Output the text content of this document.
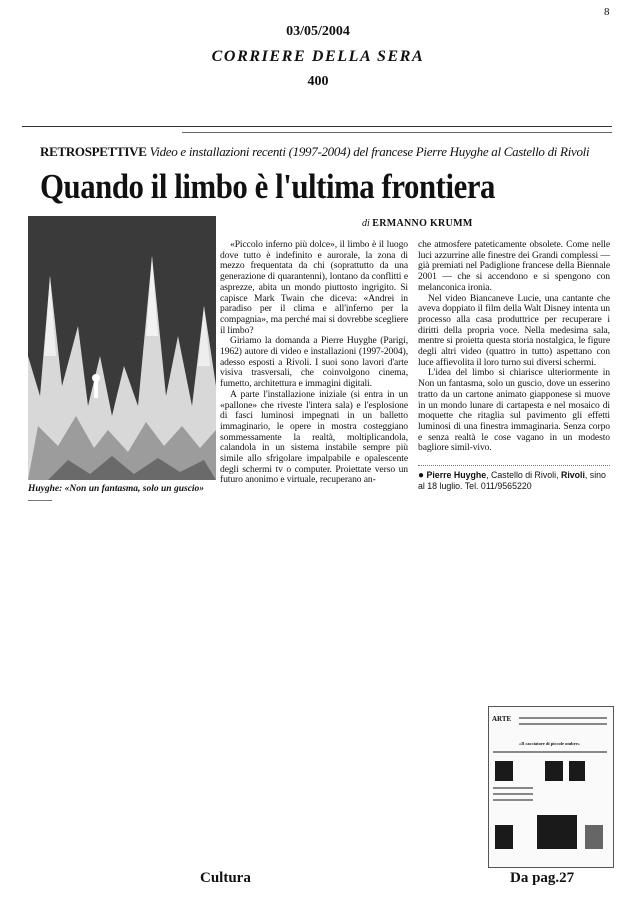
8
03/05/2004
CORRIERE DELLA SERA
400
RETROSPETTIVE Video e installazioni recenti (1997-2004) del francese Pierre Huyghe al Castello di Rivoli
Quando il limbo è l'ultima frontiera
di ERMANNO KRUMM
Huyghe: «Non un fantasma, solo un guscio»

«Piccolo inferno più dolce», il limbo è il luogo dove tutto è indefinito e aurorale, la zona di mezzo frequentata da chi (soprattutto da una generazione di quarantenni), lontano da conflitti e asprezze, abita un mondo piuttosto ingrigito. Si capisce Mark Twain che diceva: «Andrei in paradiso per il clima e all'inferno per la compagnia», ma perché mai si dovrebbe scegliere il limbo?

Giriamo la domanda a Pierre Huyghe (Parigi, 1962) autore di video e installazioni (1997-2004), adesso esposti a Rivoli. I suoi sono lavori d'arte visiva trasversali, che coinvolgono cinema, fumetto, architettura e immagini digitali.

A parte l'installazione iniziale (si entra in un «pallone» che riveste l'intera sala) e l'esplosione di fasci luminosi impegnati in un balletto immaginario, le opere in mostra costeggiano sommessamente la realtà, moltiplicandola, calandola in un sistema instabile sempre più simile allo sfrigolare impalpabile e opalescente degli schermi tv o computer. Proiettate verso un futuro anonimo e virtuale, recuperano an-

che atmosfere pateticamente obsolete. Come nelle luci azzurrine alle finestre dei Grandi complessi — già premiati nel Padiglione francese della Biennale 2001 — che si accendono e si spengono con melanconica ironia.

Nel video Biancaneve Lucie, una cantante che aveva doppiato il film della Walt Disney intenta un processo alla casa produttrice per recuperare i diritti della propria voce. Nella medesima sala, mentre si proietta questa storia nostalgica, le figure degli altri video (quattro in tutto) aspettano con luce affievolita il loro turno sui diversi schermi.

L'idea del limbo si chiarisce ulteriormente in Non un fantasma, solo un guscio, dove un esserino tratto da un cartone animato giapponese si muove in un mondo lunare di cartapesta e nel mosaico di moquette che ritaglia sul pavimento gli effetti luminosi di una finestra immaginaria. Senza corpo e senza realtà le cose vagano in un modesto bagliore simil-vivo.

● Pierre Huyghe, Castello di Rivoli, Rivoli, sino al 18 luglio. Tel. 011/9565220
ARTE
«Il cacciatore di piccole ombre»
Cultura	Da pag.27
